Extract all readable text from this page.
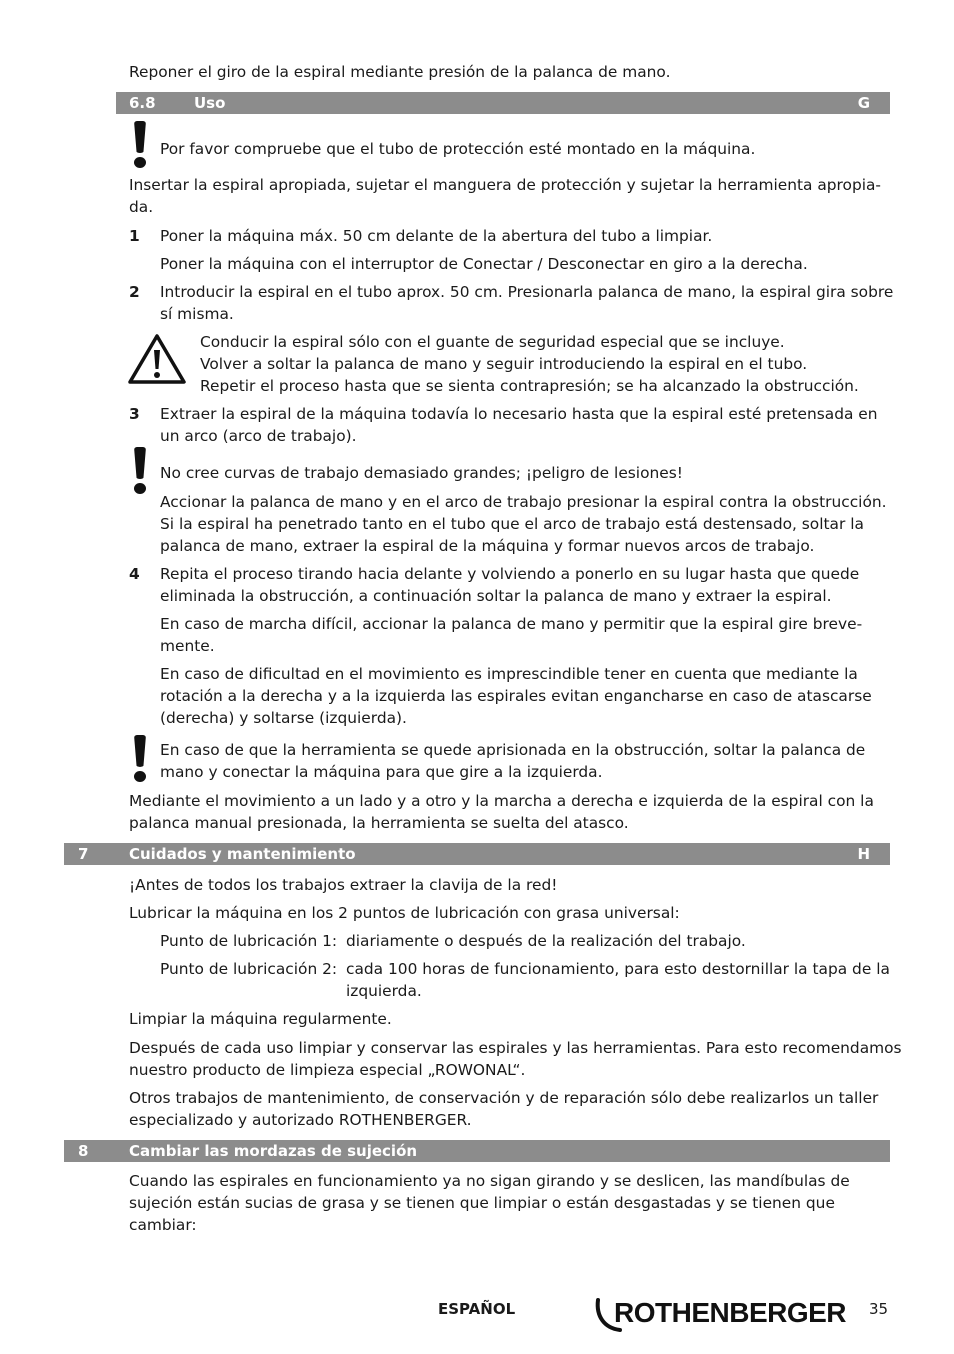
Reponer el giro de la espiral mediante presión de la palanca de mano.
6.8	Uso	G
Por favor compruebe que el tubo de protección esté montado en la máquina.
Insertar la espiral apropiada, sujetar el manguera de protección y sujetar la herramienta apropia-
da.
1 Poner la máquina máx. 50 cm delante de la abertura del tubo a limpiar.
Poner la máquina con el interruptor de Conectar / Desconectar en giro a la derecha.
2 Introducir la espiral en el tubo aprox. 50 cm. Presionarla palanca de mano, la espiral gira sobre
sí misma.
Conducir la espiral sólo con el guante de seguridad especial que se incluye.
Volver a soltar la palanca de mano y seguir introduciendo la espiral en el tubo.
Repetir el proceso hasta que se sienta contrapresión; se ha alcanzado la obstrucción.
3 Extraer la espiral de la máquina todavía lo necesario hasta que la espiral esté pretensada en
un arco (arco de trabajo).
No cree curvas de trabajo demasiado grandes; ¡peligro de lesiones!
Accionar la palanca de mano y en el arco de trabajo presionar la espiral contra la obstrucción.
Si la espiral ha penetrado tanto en el tubo que el arco de trabajo está destensado, soltar la
palanca de mano, extraer la espiral de la máquina y formar nuevos arcos de trabajo.
4 Repita el proceso tirando hacia delante y volviendo a ponerlo en su lugar hasta que quede
eliminada la obstrucción, a continuación soltar la palanca de mano y extraer la espiral.
En caso de marcha difícil, accionar la palanca de mano y permitir que la espiral gire breve-
mente.
En caso de dificultad en el movimiento es imprescindible tener en cuenta que mediante la
rotación a la derecha y a la izquierda las espirales evitan engancharse en caso de atascarse
(derecha) y soltarse (izquierda).
En caso de que la herramienta se quede aprisionada en la obstrucción, soltar la palanca de
mano y conectar la máquina para que gire a la izquierda.
Mediante el movimiento a un lado y a otro y la marcha a derecha e izquierda de la espiral con la
palanca manual presionada, la herramienta se suelta del atasco.
7	Cuidados y mantenimiento	H
¡Antes de todos los trabajos extraer la clavija de la red!
Lubricar la máquina en los 2 puntos de lubricación con grasa universal:
Punto de lubricación 1: diariamente o después de la realización del trabajo.
Punto de lubricación 2: cada 100 horas de funcionamiento, para esto destornillar la tapa de la
izquierda.
Limpiar la máquina regularmente.
Después de cada uso limpiar y conservar las espirales y las herramientas. Para esto recomendamos
nuestro producto de limpieza especial „ROWONAL“.
Otros trabajos de mantenimiento, de conservación y de reparación sólo debe realizarlos un taller
especializado y autorizado ROTHENBERGER.
8	Cambiar las mordazas de sujeción
Cuando las espirales en funcionamiento ya no sigan girando y se deslicen, las mandíbulas de
sujeción están sucias de grasa y se tienen que limpiar o están desgastadas y se tienen que
cambiar:
ESPAÑOL	ROTHENBERGER 35
